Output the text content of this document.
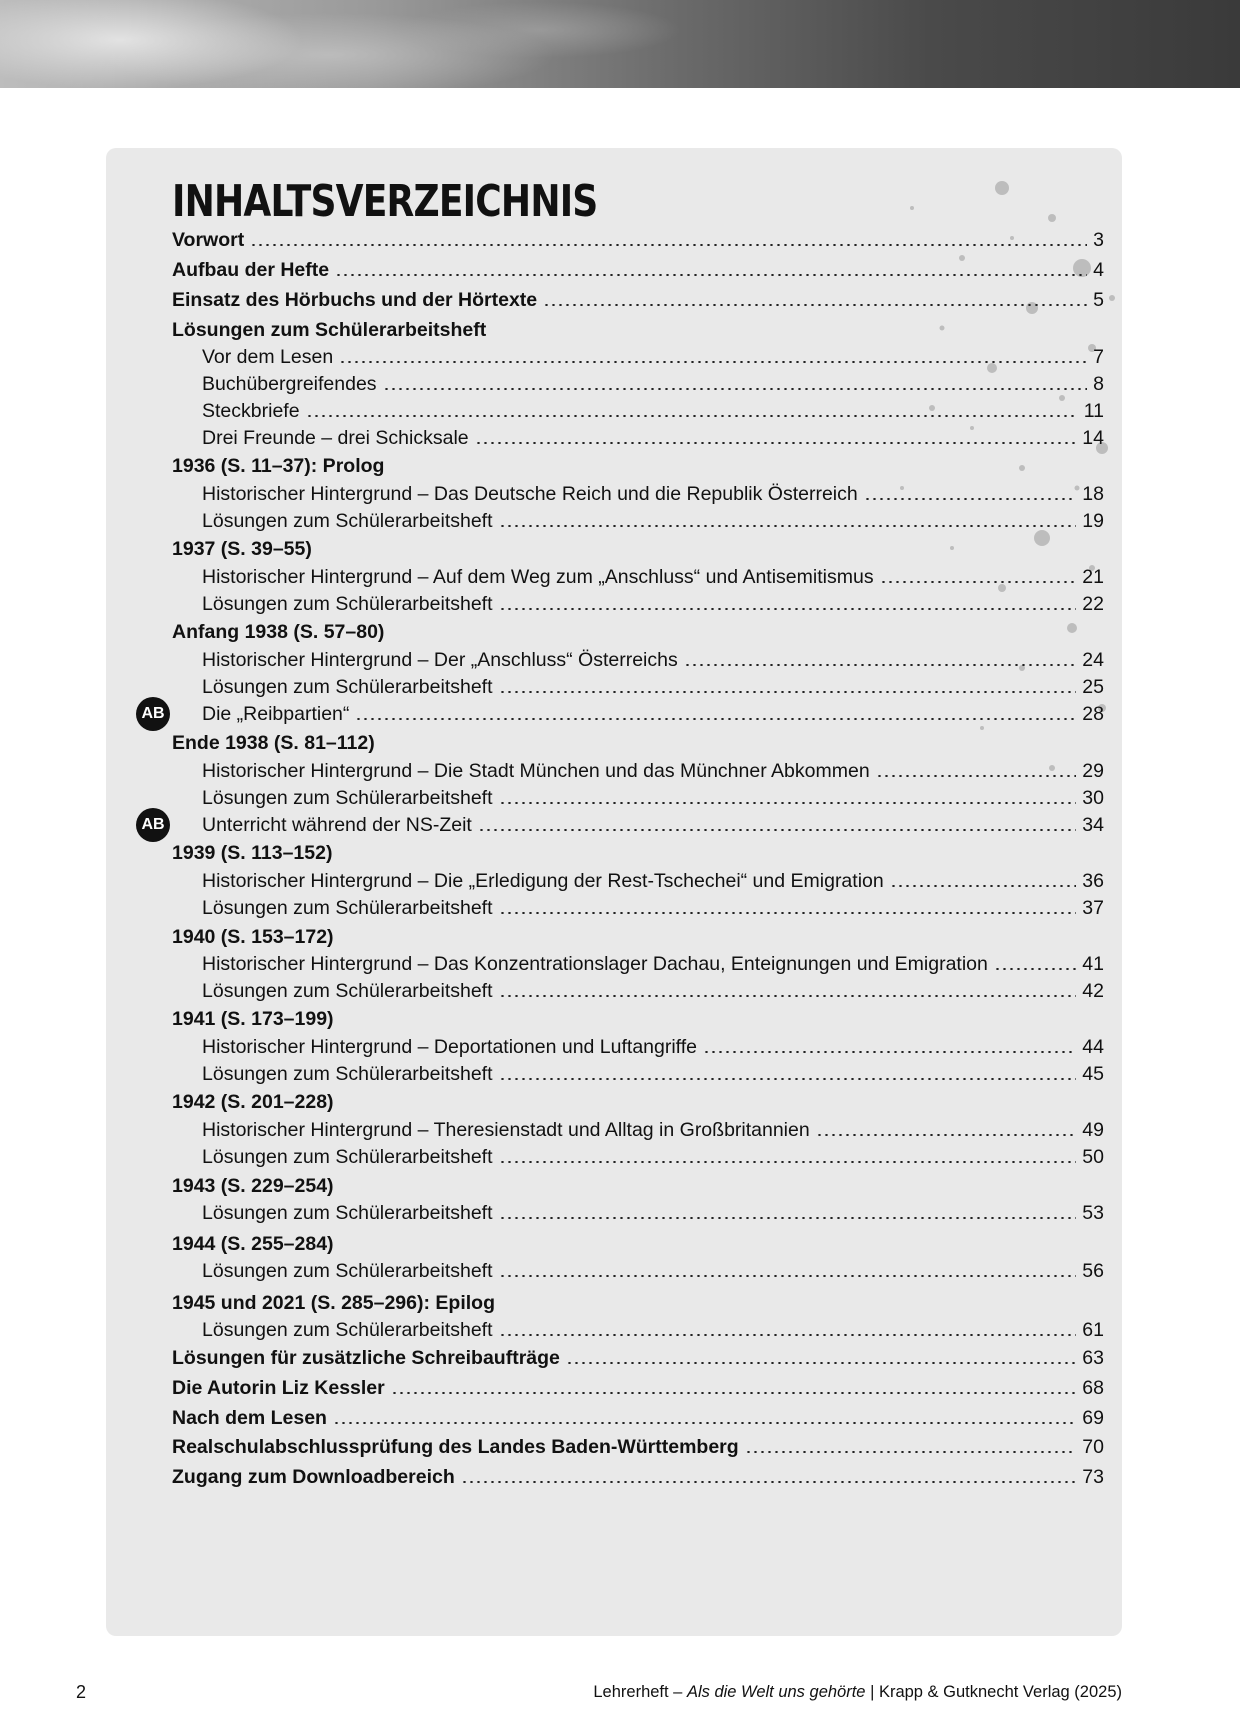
INHALTSVERZEICHNIS
Vorwort	3
Aufbau der Hefte	4
Einsatz des Hörbuchs und der Hörtexte	5
Lösungen zum Schülerarbeitsheft
Vor dem Lesen	7
Buchübergreifendes	8
Steckbriefe	11
Drei Freunde – drei Schicksale	14
1936 (S. 11–37): Prolog
Historischer Hintergrund – Das Deutsche Reich und die Republik Österreich	18
Lösungen zum Schülerarbeitsheft	19
1937 (S. 39–55)
Historischer Hintergrund – Auf dem Weg zum „Anschluss“ und Antisemitismus	21
Lösungen zum Schülerarbeitsheft	22
Anfang 1938 (S. 57–80)
Historischer Hintergrund – Der „Anschluss“ Österreichs	24
Lösungen zum Schülerarbeitsheft	25
Die „Reibpartien“	28
AB
Ende 1938 (S. 81–112)
Historischer Hintergrund – Die Stadt München und das Münchner Abkommen	29
Lösungen zum Schülerarbeitsheft	30
Unterricht während der NS-Zeit	34
AB
1939 (S. 113–152)
Historischer Hintergrund – Die „Erledigung der Rest-Tschechei“ und Emigration	36
Lösungen zum Schülerarbeitsheft	37
1940 (S. 153–172)
Historischer Hintergrund – Das Konzentrationslager Dachau, Enteignungen und Emigration	41
Lösungen zum Schülerarbeitsheft	42
1941 (S. 173–199)
Historischer Hintergrund – Deportationen und Luftangriffe	44
Lösungen zum Schülerarbeitsheft	45
1942 (S. 201–228)
Historischer Hintergrund – Theresienstadt und Alltag in Großbritannien	49
Lösungen zum Schülerarbeitsheft	50
1943 (S. 229–254)
Lösungen zum Schülerarbeitsheft	53
1944 (S. 255–284)
Lösungen zum Schülerarbeitsheft	56
1945 und 2021 (S. 285–296): Epilog
Lösungen zum Schülerarbeitsheft	61
Lösungen für zusätzliche Schreibaufträge	63
Die Autorin Liz Kessler	68
Nach dem Lesen	69
Realschulabschlussprüfung des Landes Baden-Württemberg	70
Zugang zum Downloadbereich	73
2	Lehrerheft – Als die Welt uns gehörte | Krapp & Gutknecht Verlag (2025)
